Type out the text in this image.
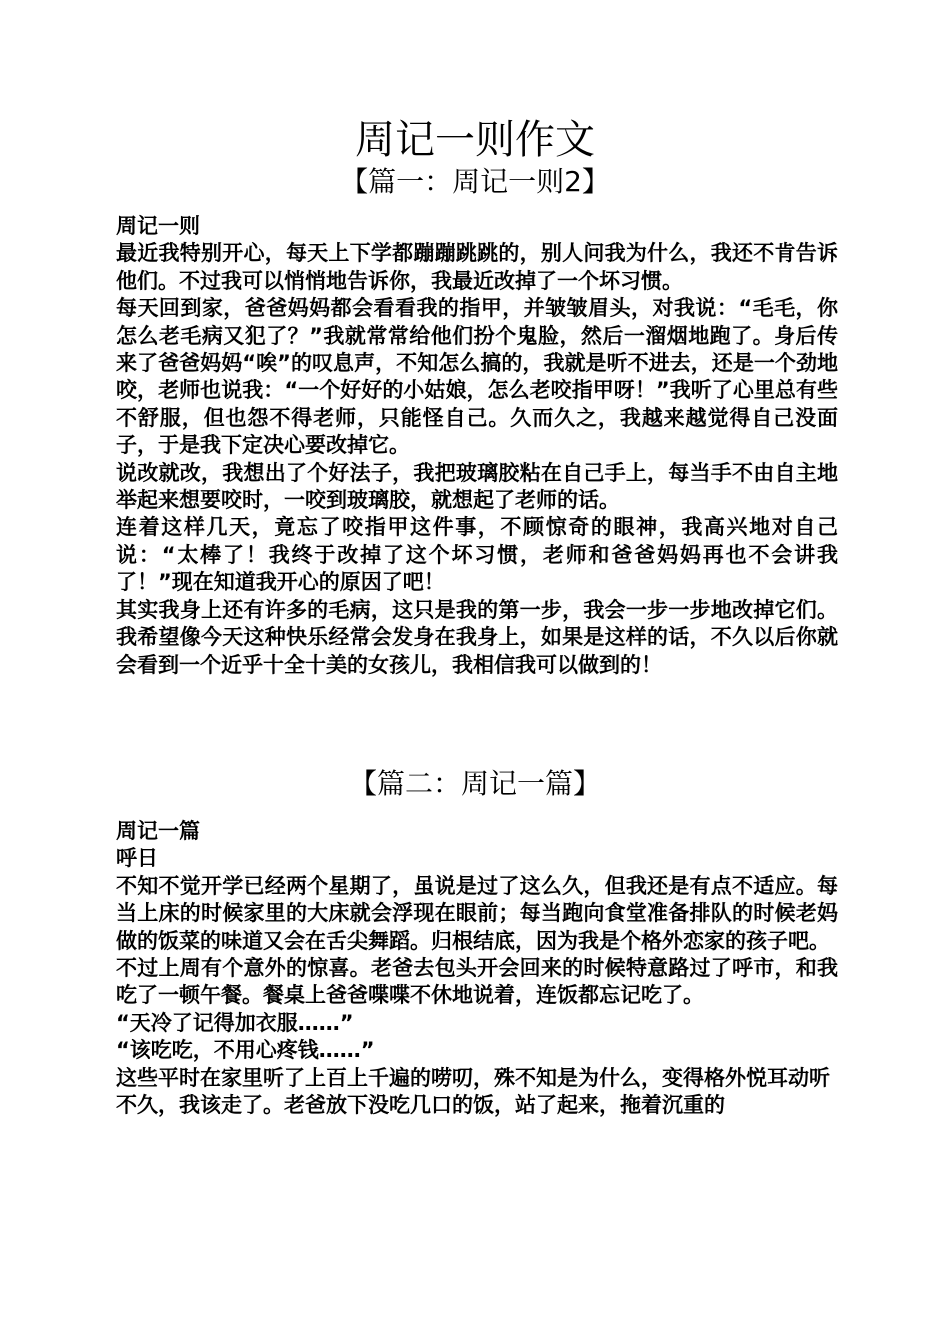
周记一则作文
【篇一：周记一则2】

周记一则

最近我特别开心，每天上下学都蹦蹦跳跳的，别人问我为什么，我还不肯告诉他们。不过我可以悄悄地告诉你，我最近改掉了一个坏习惯。

每天回到家，爸爸妈妈都会看看我的指甲，并皱皱眉头，对我说：“毛毛，你怎么老毛病又犯了？”我就常常给他们扮个鬼脸，然后一溜烟地跑了。身后传来了爸爸妈妈“唉”的叹息声，不知怎么搞的，我就是听不进去，还是一个劲地咬，老师也说我：“一个好好的小姑娘，怎么老咬指甲呀！”我听了心里总有些不舒服，但也怨不得老师，只能怪自己。久而久之，我越来越觉得自己没面子，于是我下定决心要改掉它。

说改就改，我想出了个好法子，我把玻璃胶粘在自己手上，每当手不由自主地举起来想要咬时，一咬到玻璃胶，就想起了老师的话。

连着这样几天，竟忘了咬指甲这件事，不顾惊奇的眼神，我高兴地对自己说：“太棒了！我终于改掉了这个坏习惯，老师和爸爸妈妈再也不会讲我了！”现在知道我开心的原因了吧！

其实我身上还有许多的毛病，这只是我的第一步，我会一步一步地改掉它们。我希望像今天这种快乐经常会发身在我身上，如果是这样的话，不久以后你就会看到一个近乎十全十美的女孩儿，我相信我可以做到的！

【篇二：周记一篇】

周记一篇

呼日

不知不觉开学已经两个星期了，虽说是过了这么久，但我还是有点不适应。每当上床的时候家里的大床就会浮现在眼前；每当跑向食堂准备排队的时候老妈做的饭菜的味道又会在舌尖舞蹈。归根结底，因为我是个格外恋家的孩子吧。

不过上周有个意外的惊喜。老爸去包头开会回来的时候特意路过了呼市，和我吃了一顿午餐。餐桌上爸爸喋喋不休地说着，连饭都忘记吃了。

“天冷了记得加衣服……”

“该吃吃，不用心疼钱……”

这些平时在家里听了上百上千遍的唠叨，殊不知是为什么，变得格外悦耳动听

不久，我该走了。老爸放下没吃几口的饭，站了起来，拖着沉重的
